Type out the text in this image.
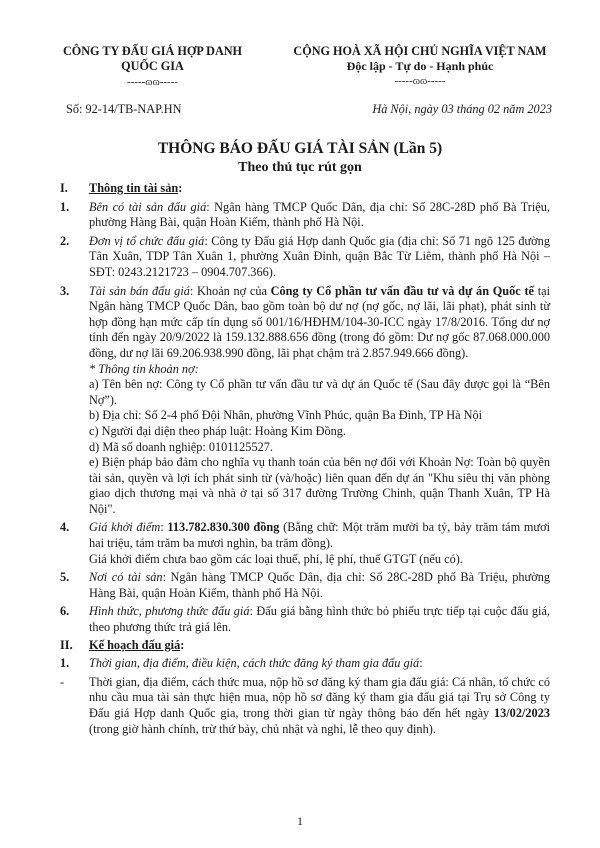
CÔNG TY ĐẤU GIÁ HỢP DANH
QUỐC GIA
-----ɷɷ-----
CỘNG HOÀ XÃ HỘI CHỦ NGHĨA VIỆT NAM
Độc lập - Tự do - Hạnh phúc
-----ɷɷ-----
Số: 92-14/TB-NAP.HN	Hà Nội, ngày 03 tháng 02 năm 2023
THÔNG BÁO ĐẤU GIÁ TÀI SẢN (Lần 5)
Theo thủ tục rút gọn
I. Thông tin tài sản:
1. Bên có tài sản đấu giá: Ngân hàng TMCP Quốc Dân, địa chỉ: Số 28C-28D phố Bà Triệu, phường Hàng Bài, quận Hoàn Kiếm, thành phố Hà Nội.
2. Đơn vị tổ chức đấu giá: Công ty Đấu giá Hợp danh Quốc gia (địa chỉ: Số 71 ngõ 125 đường Tân Xuân, TDP Tân Xuân 1, phường Xuân Đỉnh, quận Bắc Từ Liêm, thành phố Hà Nội – SĐT: 0243.2121723 – 0904.707.366).
3. Tài sản bán đấu giá: Khoản nợ của Công ty Cổ phần tư vấn đầu tư và dự án Quốc tế tại Ngân hàng TMCP Quốc Dân, bao gồm toàn bộ dư nợ (nợ gốc, nợ lãi, lãi phạt), phát sinh từ hợp đồng hạn mức cấp tín dụng số 001/16/HĐHM/104-30-ICC ngày 17/8/2016. Tổng dư nợ tính đến ngày 20/9/2022 là 159.132.888.656 đồng (trong đó gồm: Dư nợ gốc 87.068.000.000 đồng, dư nợ lãi 69.206.938.990 đồng, lãi phạt chậm trả 2.857.949.666 đồng).
* Thông tin khoản nợ:
a) Tên bên nợ: Công ty Cổ phần tư vấn đầu tư và dự án Quốc tế (Sau đây được gọi là “Bên Nợ”).
b) Địa chỉ: Số 2-4 phố Đội Nhân, phường Vĩnh Phúc, quận Ba Đình, TP Hà Nội
c) Người đại diện theo pháp luật: Hoàng Kim Đồng.
d) Mã số doanh nghiệp: 0101125527.
e) Biện pháp bảo đảm cho nghĩa vụ thanh toán của bên nợ đối với Khoản Nợ: Toàn bộ quyền tài sản, quyền và lợi ích phát sinh từ (và/hoặc) liên quan đến dự án "Khu siêu thị văn phòng giao dịch thương mại và nhà ở tại số 317 đường Trường Chinh, quận Thanh Xuân, TP Hà Nội".
4. Giá khởi điểm: 113.782.830.300 đồng (Bằng chữ: Một trăm mười ba tỷ, bảy trăm tám mươi hai triệu, tám trăm ba mươi nghìn, ba trăm đồng).
Giá khởi điểm chưa bao gồm các loại thuế, phí, lệ phí, thuế GTGT (nếu có).
5. Nơi có tài sản: Ngân hàng TMCP Quốc Dân, địa chỉ: Số 28C-28D phố Bà Triệu, phường Hàng Bài, quận Hoàn Kiếm, thành phố Hà Nội.
6. Hình thức, phương thức đấu giá: Đấu giá bằng hình thức bỏ phiếu trực tiếp tại cuộc đấu giá, theo phương thức trả giá lên.
II. Kế hoạch đấu giá:
1. Thời gian, địa điểm, điều kiện, cách thức đăng ký tham gia đấu giá:
- Thời gian, địa điểm, cách thức mua, nộp hồ sơ đăng ký tham gia đấu giá: Cá nhân, tổ chức có nhu cầu mua tài sản thực hiện mua, nộp hồ sơ đăng ký tham gia đấu giá tại Trụ sở Công ty Đấu giá Hợp danh Quốc gia, trong thời gian từ ngày thông báo đến hết ngày 13/02/2023 (trong giờ hành chính, trừ thứ bảy, chủ nhật và nghỉ, lễ theo quy định).
1
